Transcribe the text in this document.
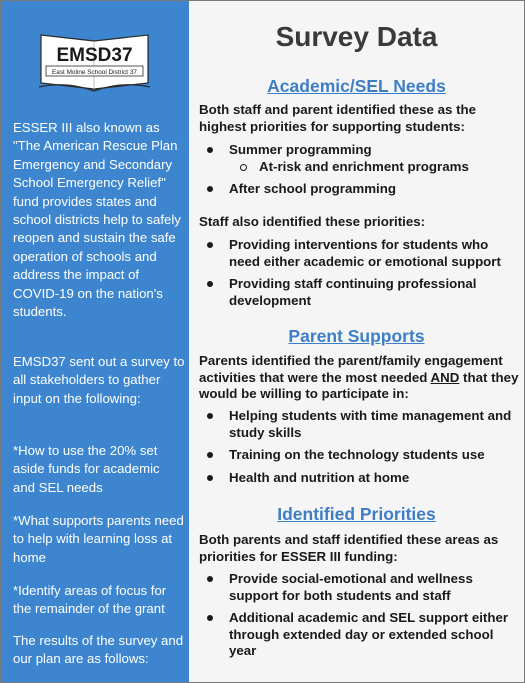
EMSD37
East Moline School District 37

ESSER III also known as "The American Rescue Plan Emergency and Secondary School Emergency Relief" fund provides states and school districts help to safely reopen and sustain the safe operation of schools and address the impact of COVID-19 on the nation's students.

EMSD37 sent out a survey to all stakeholders to gather input on the following:

*How to use the 20% set aside funds for academic and SEL needs

*What supports parents need to help with learning loss at home

*Identify areas of focus for the remainder of the grant

The results of the survey and our plan are as follows:

Survey Data
Academic/SEL Needs

Both staff and parent identified these as the highest priorities for supporting students:

Summer programming
At-risk and enrichment programs
After school programming

Staff also identified these priorities:

Providing interventions for students who need either academic or emotional support
Providing staff continuing professional development
Parent Supports

Parents identified the parent/family engagement activities that were the most needed AND that they would be willing to participate in:

Helping students with time management and study skills
Training on the technology students use
Health and nutrition at home
Identified Priorities

Both parents and staff identified these areas as priorities for ESSER III funding:

Provide social-emotional and wellness support for both students and staff
Additional academic and SEL support either through extended day or extended school year
